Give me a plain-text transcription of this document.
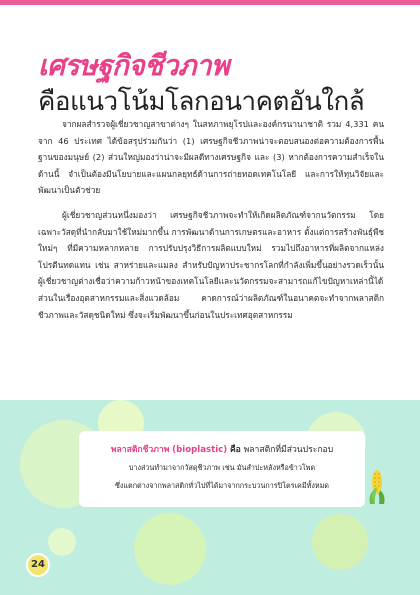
เศรษฐกิจชีวภาพ
คือแนวโน้มโลกอนาคตอันใกล้

จากผลสำรวจผู้เชี่ยวชาญสาขาต่างๆ ในสหภาพยุโรปและองค์กรนานาชาติ รวม 4,331 คน จาก 46 ประเทศ ได้ข้อสรุปร่วมกันว่า (1) เศรษฐกิจชีวภาพน่าจะตอบสนองต่อความต้องการพื้นฐานของมนุษย์ (2) ส่วนใหญ่มองว่าน่าจะมีผลดีทางเศรษฐกิจ และ (3) หากต้องการความสำเร็จในด้านนี้ จำเป็นต้องมีนโยบายและแผนกลยุทธ์ด้านการถ่ายทอดเทคโนโลยี และการให้ทุนวิจัยและพัฒนาเป็นตัวช่วย

ผู้เชี่ยวชาญส่วนหนึ่งมองว่า เศรษฐกิจชีวภาพจะทำให้เกิดผลิตภัณฑ์จากนวัตกรรม โดยเฉพาะวัสดุที่นำกลับมาใช้ใหม่มากขึ้น การพัฒนาด้านการเกษตรและอาหาร ตั้งแต่การสร้างพันธุ์พืชใหม่ๆ ที่มีความหลากหลาย การปรับปรุงวิธีการผลิตแบบใหม่ รวมไปถึงอาหารที่ผลิตจากแหล่งโปรตีนทดแทน เช่น สาหร่ายและแมลง สำหรับปัญหาประชากรโลกที่กำลังเพิ่มขึ้นอย่างรวดเร็วนั้น ผู้เชี่ยวชาญต่างเชื่อว่าความก้าวหน้าของเทคโนโลยีและนวัตกรรมจะสามารถแก้ไขปัญหาเหล่านี้ได้ ส่วนในเรื่องอุตสาหกรรมและสิ่งแวดล้อม คาดการณ์ว่าผลิตภัณฑ์ในอนาคตจะทำจากพลาสติกชีวภาพและวัสดุชนิดใหม่ ซึ่งจะเริ่มพัฒนาขึ้นก่อนในประเทศอุตสาหกรรม

พลาสติกชีวภาพ (bioplastic) คือ พลาสติกที่มีส่วนประกอบ
บางส่วนทำมาจากวัสดุชีวภาพ เช่น มันสำปะหลังหรือข้าวโพด
ซึ่งแตกต่างจากพลาสติกทั่วไปที่ได้มาจากกระบวนการปิโตรเคมีทั้งหมด
24
